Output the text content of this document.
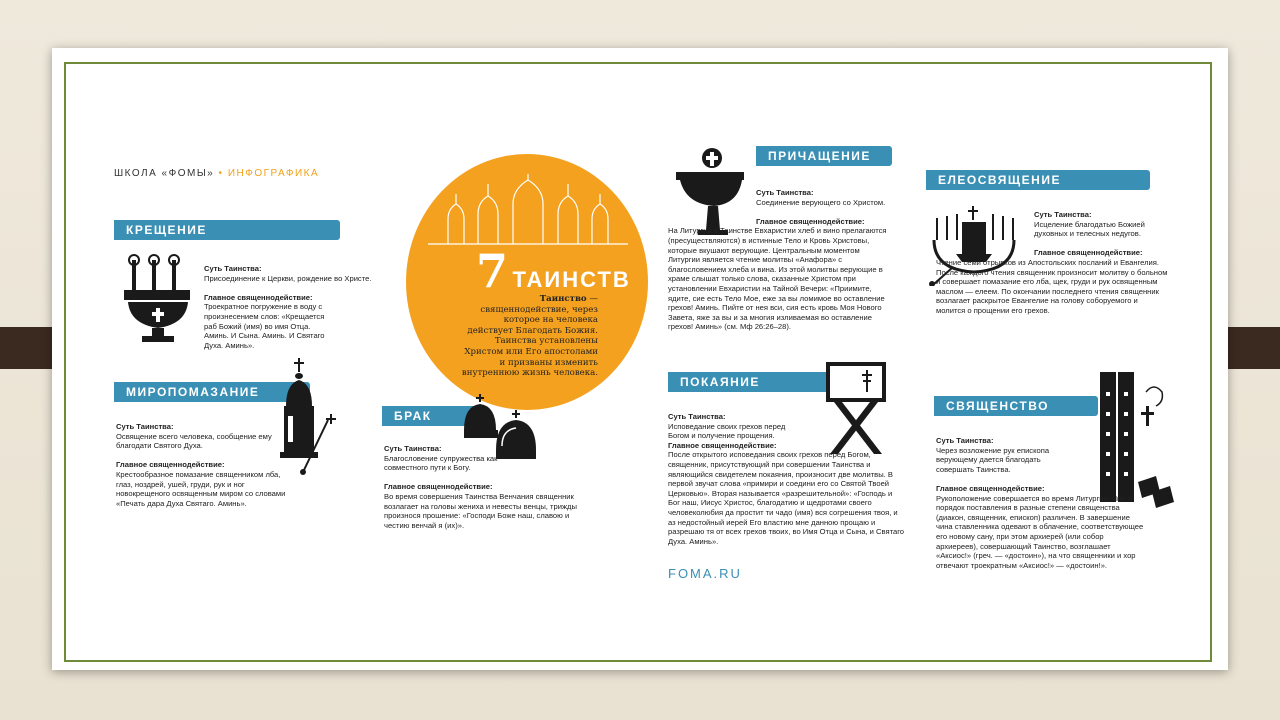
ШКОЛА «ФОМЫ» • ИНФОГРАФИКА
7 ТАИНСТВ
Таинство — священнодействие, через которое на человека действует Благодать Божия. Таинства установлены Христом или Его апостолами и призваны изменить внутреннюю жизнь человека.
КРЕЩЕНИЕ
Суть Таинства:
Присоединение к Церкви, рождение во Христе.

Главное священнодействие:

Троекратное погружение в воду с произнесением слов: «Крещается раб Божий (имя) во имя Отца. Аминь. И Сына. Аминь. И Святаго Духа. Аминь».
МИРОПОМАЗАНИЕ
Суть Таинства:

Освящение всего человека, сообщение ему благодати Святого Духа.

Главное священнодействие:

Крестообразное помазание священником лба, глаз, ноздрей, ушей, груди, рук и ног новокрещеного освященным миром со словами «Печать дара Духа Святаго. Аминь».
БРАК
Суть Таинства:

Благословение супружества как совместного пути к Богу.

Главное священнодействие:

Во время совершения Таинства Венчания священник возлагает на головы жениха и невесты венцы, трижды произнося прошение: «Господи Боже наш, славою и честию венчай я (их)».
ПРИЧАЩЕНИЕ
Суть Таинства:
Соединение верующего со Христом.

Главное священнодействие:
На Литургии в Таинстве Евхаристии хлеб и вино прелагаются (пресуществляются) в истинные Тело и Кровь Христовы, которые вкушают верующие. Центральным моментом Литургии является чтение молитвы «Анафора» с благословением хлеба и вина. Из этой молитвы верующие в храме слышат только слова, сказанные Христом при установлении Евхаристии на Тайной Вечери: «Приимите, ядите, сие есть Тело Мое, еже за вы ломимое во оставление грехов! Аминь. Пийте от нея вси, сия есть кровь Моя Нового Завета, яже за вы и за многия изливаемая во оставление грехов! Аминь» (см. Мф 26:26–28).
ЕЛЕОСВЯЩЕНИЕ
Суть Таинства:
Исцеление благодатью Божией духовных и телесных недугов.

Главное священнодействие:
Чтение семи отрывков из Апостольских посланий и Евангелия. После каждого чтения священник произносит молитву о больном и совершает помазание его лба, щек, груди и рук освященным маслом — елеем. По окончании последнего чтения священник возлагает раскрытое Евангелие на голову соборуемого и молится о прощении его грехов.
ПОКАЯНИЕ
Суть Таинства:

Исповедание своих грехов перед Богом и получение прощения.
Главное священнодействие:

После открытого исповедания своих грехов перед Богом, священник, присутствующий при совершении Таинства и являющийся свидетелем покаяния, произносит две молитвы. В первой звучат слова «примири и соедини его со Святой Твоей Церковью». Вторая называется «разрешительной»: «Господь и Бог наш, Иисус Христос, благодатию и щедротами своего человеколюбия да простит ти чадо (имя) вся согрешения твоя, и аз недостойный иерей Его властию мне данною прощаю и разрешаю тя от всех грехов твоих, во Имя Отца и Сына, и Святаго Духа. Аминь».
FOMA.RU
СВЯЩЕНСТВО
Суть Таинства:

Через возложение рук епископа верующему дается благодать совершать Таинства.

Главное священнодействие:

Рукоположение совершается во время Литургии. Чин и порядок поставления в разные степени священства (диакон, священник, епископ) различен. В завершение чина ставленника одевают в облачение, соответствующее его новому сану, при этом архиерей (или собор архиереев), совершающий Таинство, возглашает «Аксиос!» (греч. — «достоин»), на что священники и хор отвечают троекратным «Аксиос!» — «достоин!».
